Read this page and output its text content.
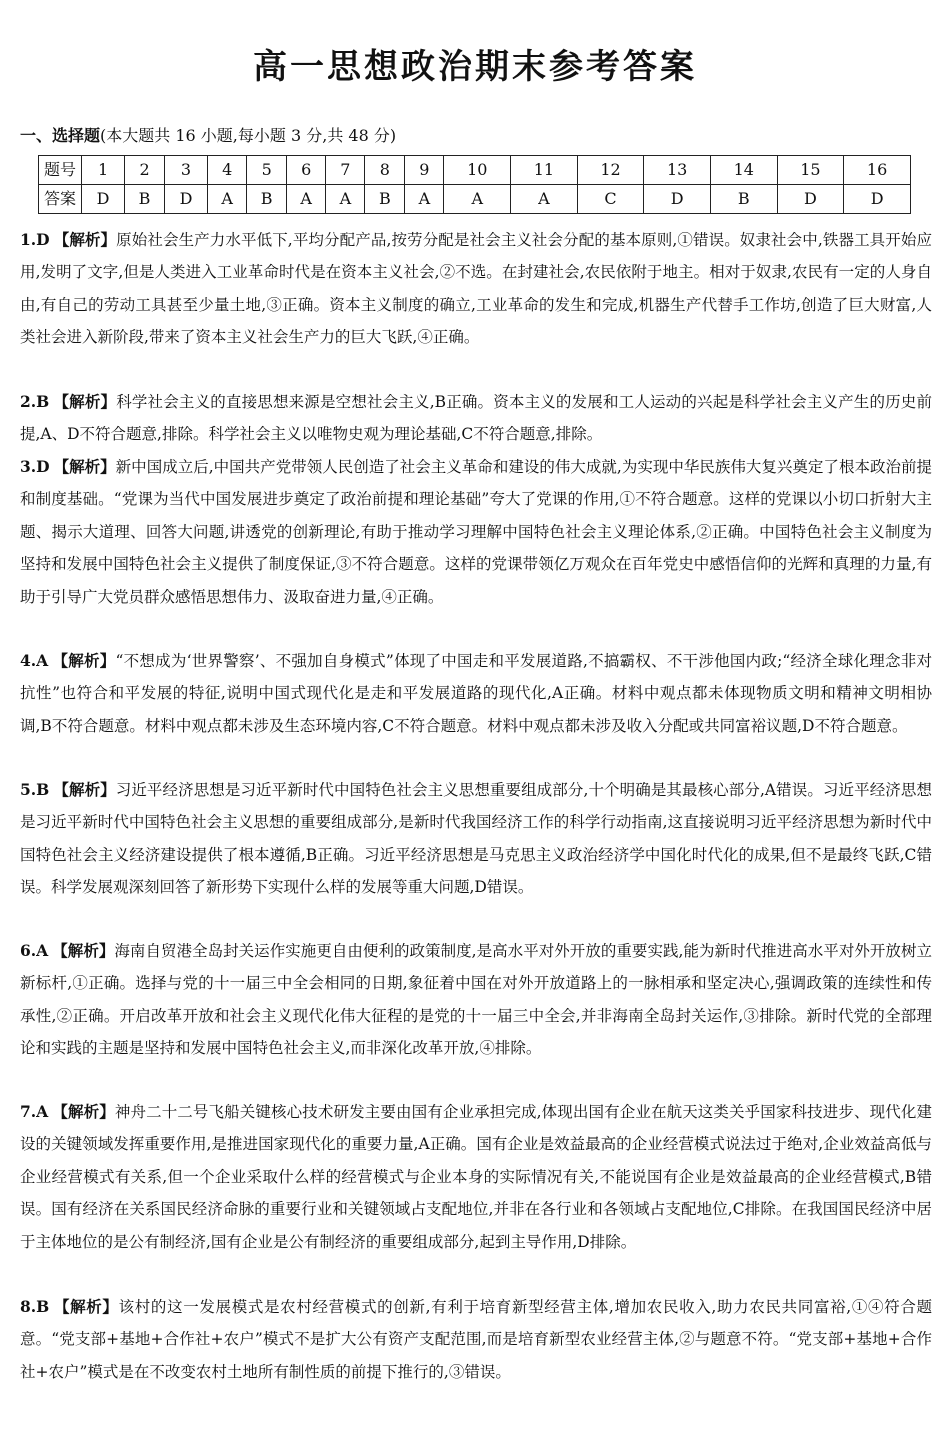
高一思想政治期末参考答案
一、选择题(本大题共 16 小题,每小题 3 分,共 48 分)
题号	1	2	3	4	5	6	7	8	9	10	11	12	13	14	15	16
答案	D	B	D	A	B	A	A	B	A	A	A	C	D	B	D	D
1.D 【解析】原始社会生产力水平低下,平均分配产品,按劳分配是社会主义社会分配的基本原则,①错误。奴隶社会中,铁器工具开始应用,发明了文字,但是人类进入工业革命时代是在资本主义社会,②不选。在封建社会,农民依附于地主。相对于奴隶,农民有一定的人身自由,有自己的劳动工具甚至少量土地,③正确。资本主义制度的确立,工业革命的发生和完成,机器生产代替手工作坊,创造了巨大财富,人类社会进入新阶段,带来了资本主义社会生产力的巨大飞跃,④正确。
2.B 【解析】科学社会主义的直接思想来源是空想社会主义,B正确。资本主义的发展和工人运动的兴起是科学社会主义产生的历史前提,A、D不符合题意,排除。科学社会主义以唯物史观为理论基础,C不符合题意,排除。
3.D 【解析】新中国成立后,中国共产党带领人民创造了社会主义革命和建设的伟大成就,为实现中华民族伟大复兴奠定了根本政治前提和制度基础。“党课为当代中国发展进步奠定了政治前提和理论基础”夸大了党课的作用,①不符合题意。这样的党课以小切口折射大主题、揭示大道理、回答大问题,讲透党的创新理论,有助于推动学习理解中国特色社会主义理论体系,②正确。中国特色社会主义制度为坚持和发展中国特色社会主义提供了制度保证,③不符合题意。这样的党课带领亿万观众在百年党史中感悟信仰的光辉和真理的力量,有助于引导广大党员群众感悟思想伟力、汲取奋进力量,④正确。
4.A 【解析】“不想成为‘世界警察’、不强加自身模式”体现了中国走和平发展道路,不搞霸权、不干涉他国内政;“经济全球化理念非对抗性”也符合和平发展的特征,说明中国式现代化是走和平发展道路的现代化,A正确。材料中观点都未体现物质文明和精神文明相协调,B不符合题意。材料中观点都未涉及生态环境内容,C不符合题意。材料中观点都未涉及收入分配或共同富裕议题,D不符合题意。
5.B 【解析】习近平经济思想是习近平新时代中国特色社会主义思想重要组成部分,十个明确是其最核心部分,A错误。习近平经济思想是习近平新时代中国特色社会主义思想的重要组成部分,是新时代我国经济工作的科学行动指南,这直接说明习近平经济思想为新时代中国特色社会主义经济建设提供了根本遵循,B正确。习近平经济思想是马克思主义政治经济学中国化时代化的成果,但不是最终飞跃,C错误。科学发展观深刻回答了新形势下实现什么样的发展等重大问题,D错误。
6.A 【解析】海南自贸港全岛封关运作实施更自由便利的政策制度,是高水平对外开放的重要实践,能为新时代推进高水平对外开放树立新标杆,①正确。选择与党的十一届三中全会相同的日期,象征着中国在对外开放道路上的一脉相承和坚定决心,强调政策的连续性和传承性,②正确。开启改革开放和社会主义现代化伟大征程的是党的十一届三中全会,并非海南全岛封关运作,③排除。新时代党的全部理论和实践的主题是坚持和发展中国特色社会主义,而非深化改革开放,④排除。
7.A 【解析】神舟二十二号飞船关键核心技术研发主要由国有企业承担完成,体现出国有企业在航天这类关乎国家科技进步、现代化建设的关键领域发挥重要作用,是推进国家现代化的重要力量,A正确。国有企业是效益最高的企业经营模式说法过于绝对,企业效益高低与企业经营模式有关系,但一个企业采取什么样的经营模式与企业本身的实际情况有关,不能说国有企业是效益最高的企业经营模式,B错误。国有经济在关系国民经济命脉的重要行业和关键领域占支配地位,并非在各行业和各领域占支配地位,C排除。在我国国民经济中居于主体地位的是公有制经济,国有企业是公有制经济的重要组成部分,起到主导作用,D排除。
8.B 【解析】该村的这一发展模式是农村经营模式的创新,有利于培育新型经营主体,增加农民收入,助力农民共同富裕,①④符合题意。“党支部+基地+合作社+农户”模式不是扩大公有资产支配范围,而是培育新型农业经营主体,②与题意不符。“党支部+基地+合作社+农户”模式是在不改变农村土地所有制性质的前提下推行的,③错误。
